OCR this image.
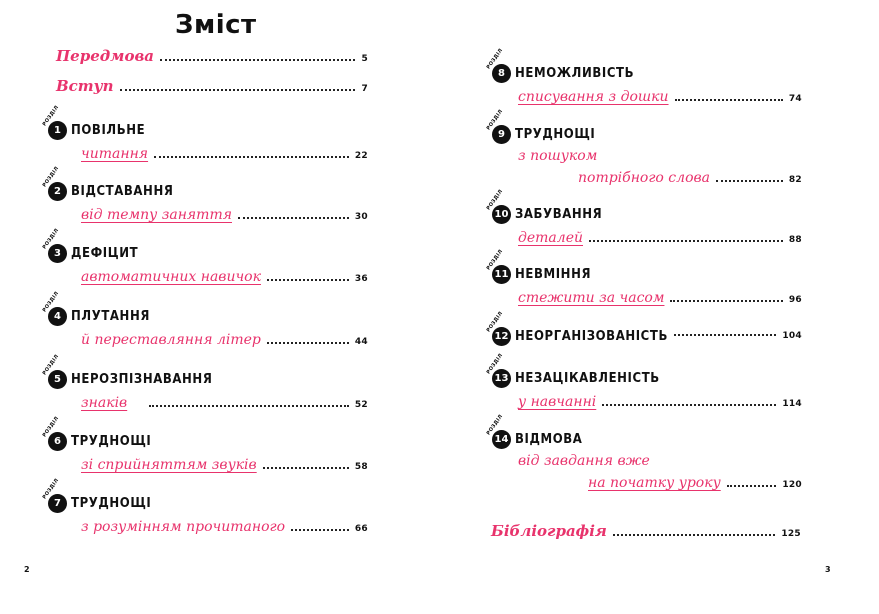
Зміст
Передмова	5
Вступ	7
РОЗДІЛ
1 ПОВІЛЬНЕ
читання	22
РОЗДІЛ
2 ВІДСТАВАННЯ
від темпу заняття	30
РОЗДІЛ
3 ДЕФІЦИТ
автоматичних навичок	36
РОЗДІЛ
4 ПЛУТАННЯ
й переставляння літер	44
РОЗДІЛ
5 НЕРОЗПІЗНАВАННЯ
знаків	52
РОЗДІЛ
6 ТРУДНОЩІ
зі сприйняттям звуків	58
РОЗДІЛ
7 ТРУДНОЩІ
з розумінням прочитаного	66
РОЗДІЛ
8 НЕМОЖЛИВІСТЬ
списування з дошки	74
РОЗДІЛ
9 ТРУДНОЩІ
з пошуком
потрібного слова	82
РОЗДІЛ
10 ЗАБУВАННЯ
деталей	88
РОЗДІЛ
11 НЕВМІННЯ
стежити за часом	96
РОЗДІЛ
12 НЕОРГАНІЗОВАНІСТЬ	104
РОЗДІЛ
13 НЕЗАЦІКАВЛЕНІСТЬ
у навчанні	114
РОЗДІЛ
14 ВІДМОВА
від завдання вже
на початку уроку	120
Бібліографія	125
2	3
